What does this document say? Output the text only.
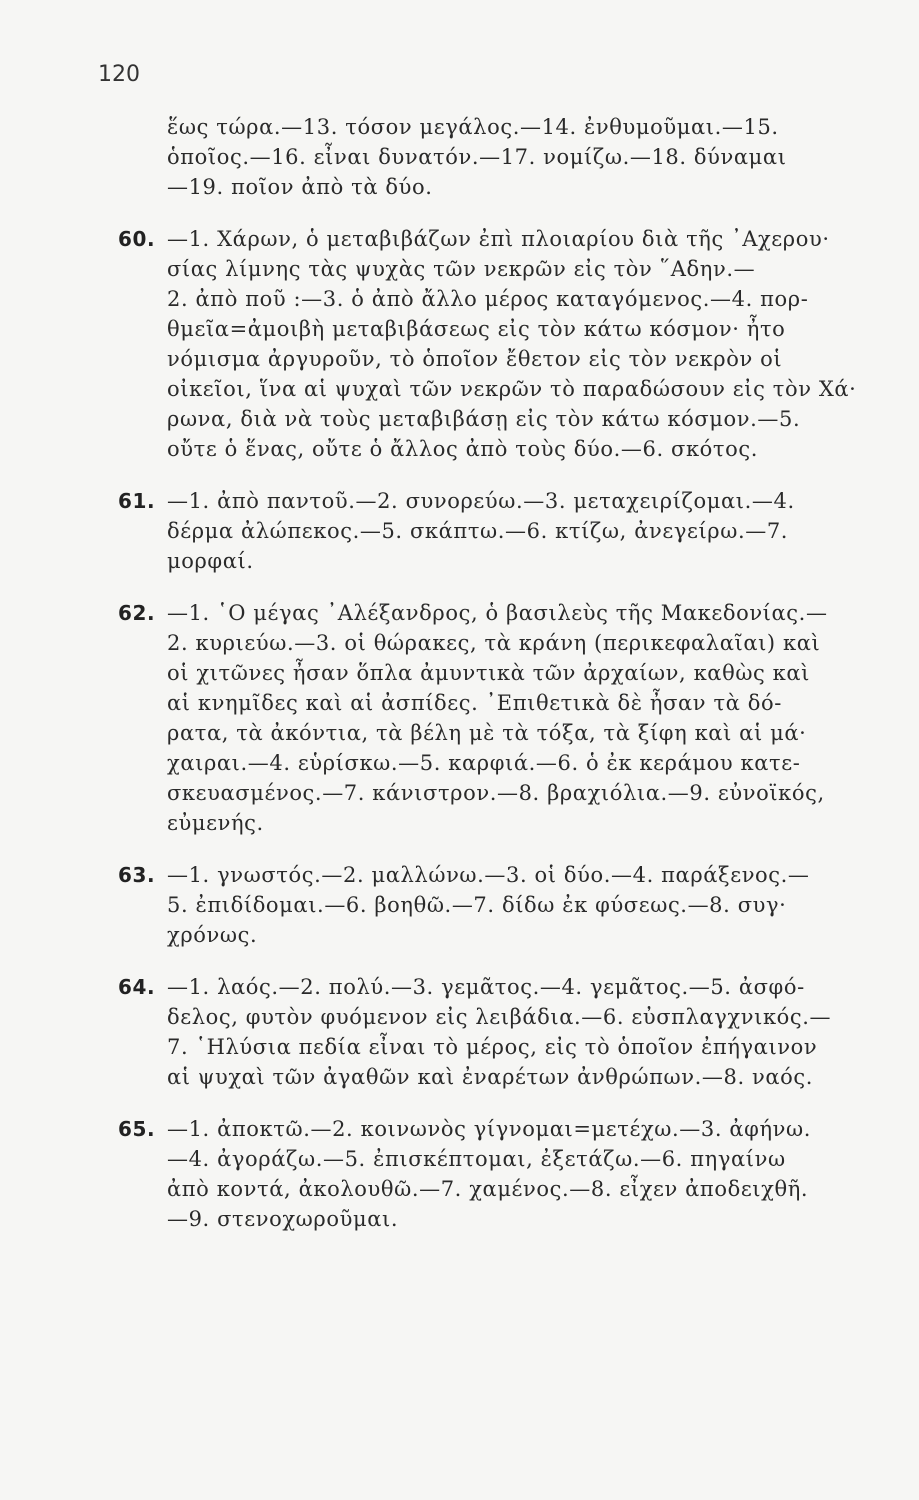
120
ἕως τώρα.—13. τόσον μεγάλος.—14. ἐνθυμοῦμαι.—15.
ὁποῖος.—16. εἶναι δυνατόν.—17. νομίζω.—18. δύναμαι
—19. ποῖον ἀπὸ τὰ δύο.
60. —1. Χάρων, ὁ μεταβιβάζων ἐπὶ πλοιαρίου διὰ τῆς ᾽Αχερου·
σίας λίμνης τὰς ψυχὰς τῶν νεκρῶν εἰς τὸν ῞Αδην.—
2. ἀπὸ ποῦ :—3. ὁ ἀπὸ ἄλλο μέρος καταγόμενος.—4. πορ-
θμεῖα=ἀμοιβὴ μεταβιβάσεως εἰς τὸν κάτω κόσμον· ἦτο
νόμισμα ἀργυροῦν, τὸ ὁποῖον ἔθετον εἰς τὸν νεκρὸν οἱ
οἰκεῖοι, ἵνα αἱ ψυχαὶ τῶν νεκρῶν τὸ παραδώσουν εἰς τὸν Χά·
ρωνα, διὰ νὰ τοὺς μεταβιβάσῃ εἰς τὸν κάτω κόσμον.—5.
οὔτε ὁ ἕνας, οὔτε ὁ ἄλλος ἀπὸ τοὺς δύο.—6. σκότος.
61. —1. ἀπὸ παντοῦ.—2. συνορεύω.—3. μεταχειρίζομαι.—4.
δέρμα ἀλώπεκος.—5. σκάπτω.—6. κτίζω, ἀνεγείρω.—7.
μορφαί.
62. —1. ῾Ο μέγας ᾽Αλέξανδρος, ὁ βασιλεὺς τῆς Μακεδονίας.—
2. κυριεύω.—3. οἱ θώρακες, τὰ κράνη (περικεφαλαῖαι) καὶ
οἱ χιτῶνες ἦσαν ὅπλα ἀμυντικὰ τῶν ἀρχαίων, καθὼς καὶ
αἱ κνημῖδες καὶ αἱ ἀσπίδες. ᾽Επιθετικὰ δὲ ἦσαν τὰ δό-
ρατα, τὰ ἀκόντια, τὰ βέλη μὲ τὰ τόξα, τὰ ξίφη καὶ αἱ μά·
χαιραι.—4. εὑρίσκω.—5. καρφιά.—6. ὁ ἐκ κεράμου κατε-
σκευασμένος.—7. κάνιστρον.—8. βραχιόλια.—9. εὐνοϊκός,
εὐμενής.
63. —1. γνωστός.—2. μαλλώνω.—3. οἱ δύο.—4. παράξενος.—
5. ἐπιδίδομαι.—6. βοηθῶ.—7. δίδω ἐκ φύσεως.—8. συγ·
χρόνως.
64. —1. λαός.—2. πολύ.—3. γεμᾶτος.—4. γεμᾶτος.—5. ἀσφό-
δελος, φυτὸν φυόμενον εἰς λειβάδια.—6. εὐσπλαγχνικός.—
7. ῾Ηλύσια πεδία εἶναι τὸ μέρος, εἰς τὸ ὁποῖον ἐπήγαινον
αἱ ψυχαὶ τῶν ἀγαθῶν καὶ ἐναρέτων ἀνθρώπων.—8. ναός.
65. —1. ἀποκτῶ.—2. κοινωνὸς γίγνομαι=μετέχω.—3. ἀφήνω.
—4. ἀγοράζω.—5. ἐπισκέπτομαι, ἐξετάζω.—6. πηγαίνω
ἀπὸ κοντά, ἀκολουθῶ.—7. χαμένος.—8. εἶχεν ἀποδειχθῆ.
—9. στενοχωροῦμαι.
